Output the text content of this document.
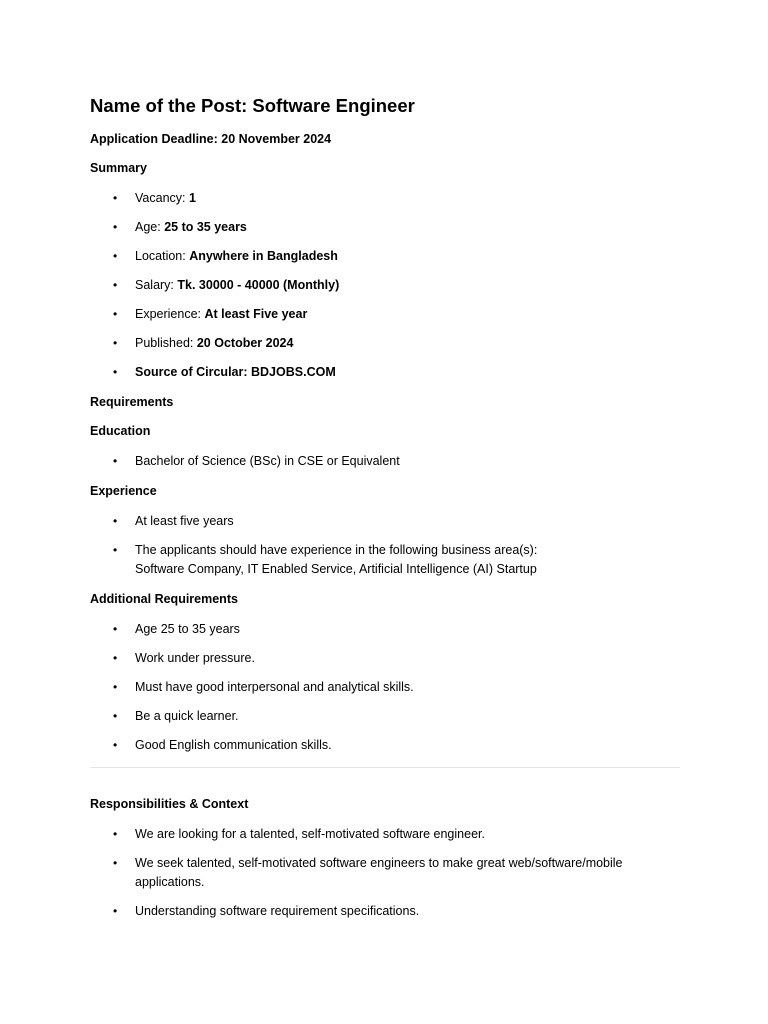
Name of the Post: Software Engineer
Application Deadline: 20 November 2024
Summary
• Vacancy: 1
• Age: 25 to 35 years
• Location: Anywhere in Bangladesh
• Salary: Tk. 30000 - 40000 (Monthly)
• Experience: At least Five year
• Published: 20 October 2024
• Source of Circular: BDJOBS.COM
Requirements
Education
• Bachelor of Science (BSc) in CSE or Equivalent
Experience
• At least five years
• The applicants should have experience in the following business area(s):
Software Company, IT Enabled Service, Artificial Intelligence (AI) Startup
Additional Requirements
• Age 25 to 35 years
• Work under pressure.
• Must have good interpersonal and analytical skills.
• Be a quick learner.
• Good English communication skills.
Responsibilities & Context
• We are looking for a talented, self-motivated software engineer.
• We seek talented, self-motivated software engineers to make great web/software/mobile applications.
• Understanding software requirement specifications.
